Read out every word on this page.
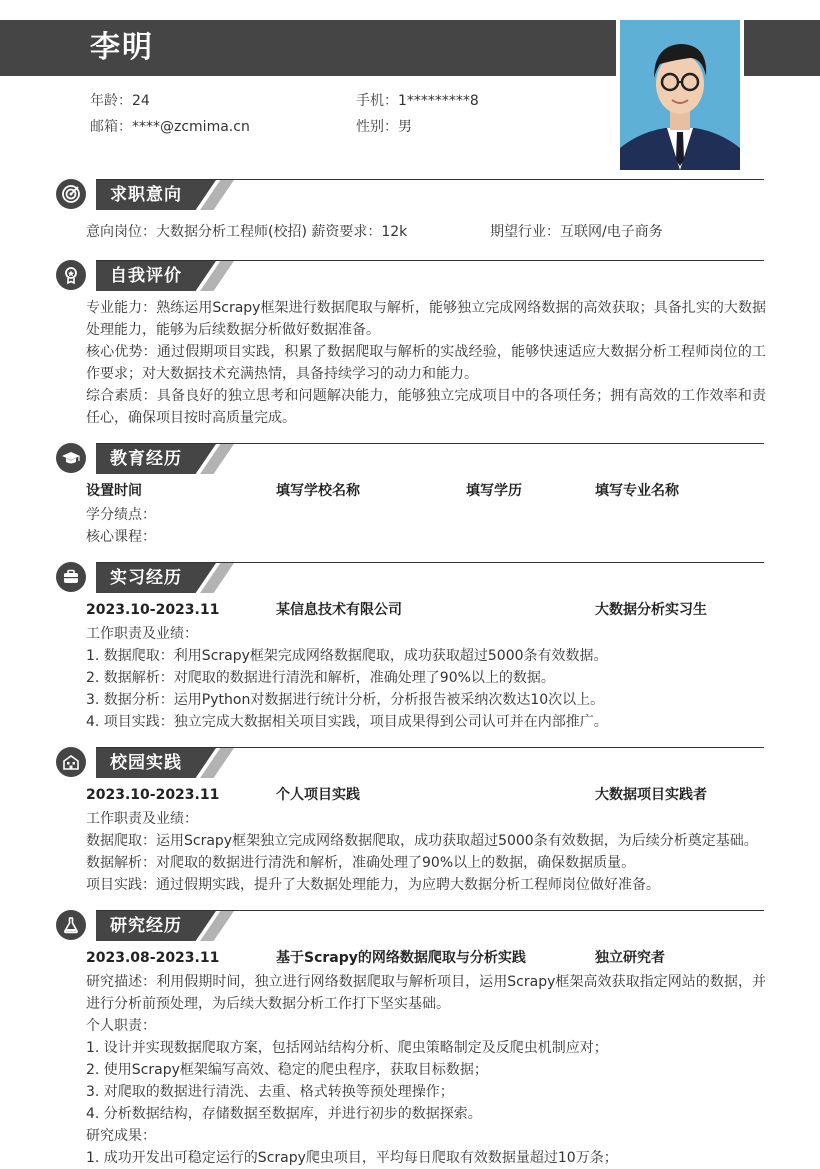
李明
年龄：24	手机：1*********8
邮箱：****@zcmima.cn	性别：男
求职意向
意向岗位：大数据分析工程师(校招) 薪资要求：12k	期望行业：互联网/电子商务
自我评价
专业能力：熟练运用Scrapy框架进行数据爬取与解析，能够独立完成网络数据的高效获取；具备扎实的大数据处理能力，能够为后续数据分析做好数据准备。
核心优势：通过假期项目实践，积累了数据爬取与解析的实战经验，能够快速适应大数据分析工程师岗位的工作要求；对大数据技术充满热情，具备持续学习的动力和能力。
综合素质：具备良好的独立思考和问题解决能力，能够独立完成项目中的各项任务；拥有高效的工作效率和责任心，确保项目按时高质量完成。
教育经历
设置时间	填写学校名称	填写学历	填写专业名称
学分绩点：
核心课程：
实习经历
2023.10-2023.11	某信息技术有限公司	大数据分析实习生
工作职责及业绩：
1. 数据爬取：利用Scrapy框架完成网络数据爬取，成功获取超过5000条有效数据。
2. 数据解析：对爬取的数据进行清洗和解析，准确处理了90%以上的数据。
3. 数据分析：运用Python对数据进行统计分析，分析报告被采纳次数达10次以上。
4. 项目实践：独立完成大数据相关项目实践，项目成果得到公司认可并在内部推广。
校园实践
2023.10-2023.11	个人项目实践	大数据项目实践者
工作职责及业绩：
数据爬取：运用Scrapy框架独立完成网络数据爬取，成功获取超过5000条有效数据，为后续分析奠定基础。
数据解析：对爬取的数据进行清洗和解析，准确处理了90%以上的数据，确保数据质量。
项目实践：通过假期实践，提升了大数据处理能力，为应聘大数据分析工程师岗位做好准备。
研究经历
2023.08-2023.11	基于Scrapy的网络数据爬取与分析实践	独立研究者
研究描述：利用假期时间，独立进行网络数据爬取与解析项目，运用Scrapy框架高效获取指定网站的数据，并进行分析前预处理，为后续大数据分析工作打下坚实基础。
个人职责：
1. 设计并实现数据爬取方案，包括网站结构分析、爬虫策略制定及反爬虫机制应对；
2. 使用Scrapy框架编写高效、稳定的爬虫程序，获取目标数据；
3. 对爬取的数据进行清洗、去重、格式转换等预处理操作；
4. 分析数据结构，存储数据至数据库，并进行初步的数据探索。
研究成果：
1. 成功开发出可稳定运行的Scrapy爬虫项目，平均每日爬取有效数据量超过10万条；
